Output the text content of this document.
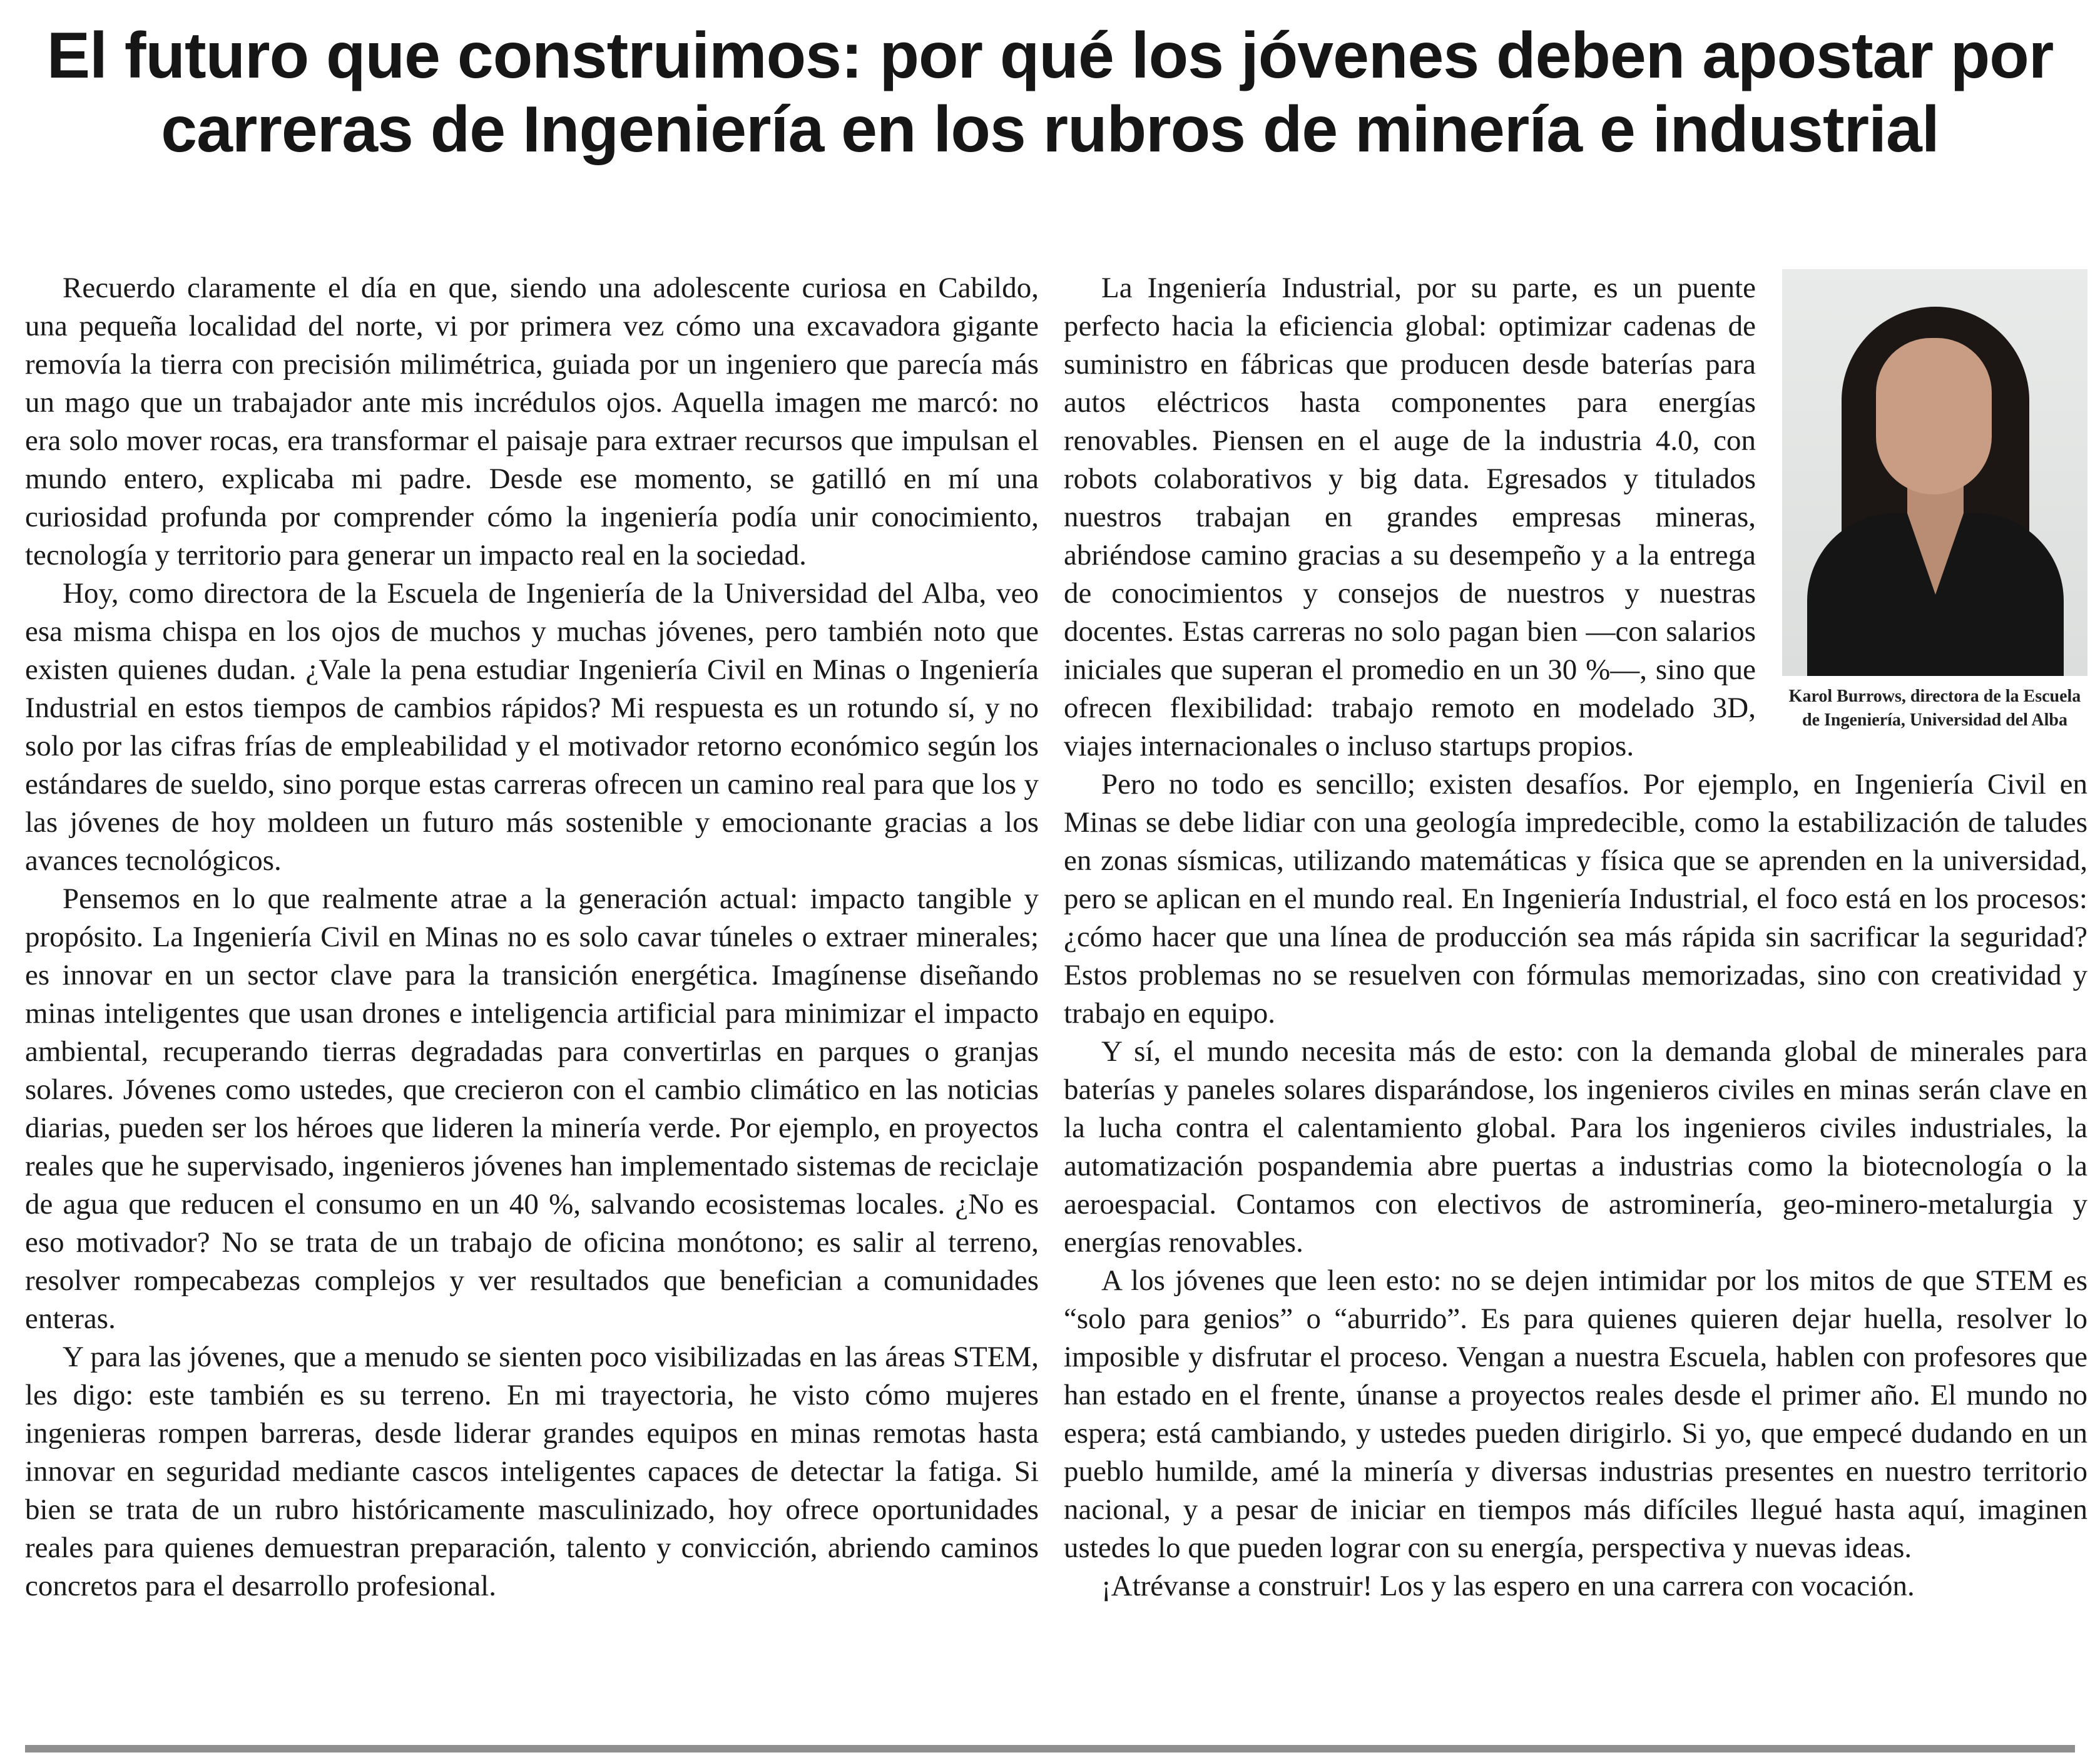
El futuro que construimos: por qué los jóvenes deben apostar por carreras de Ingeniería en los rubros de minería e industrial

Recuerdo claramente el día en que, siendo una adolescente curiosa en Cabildo, una pequeña localidad del norte, vi por primera vez cómo una excavadora gigante removía la tierra con precisión milimétrica, guiada por un ingeniero que parecía más un mago que un trabajador ante mis incrédulos ojos. Aquella imagen me marcó: no era solo mover rocas, era transformar el paisaje para extraer recursos que impulsan el mundo entero, explicaba mi padre. Desde ese momento, se gatilló en mí una curiosidad profunda por comprender cómo la ingeniería podía unir conocimiento, tecnología y territorio para generar un impacto real en la sociedad.

Hoy, como directora de la Escuela de Ingeniería de la Universidad del Alba, veo esa misma chispa en los ojos de muchos y muchas jóvenes, pero también noto que existen quienes dudan. ¿Vale la pena estudiar Ingeniería Civil en Minas o Ingeniería Industrial en estos tiempos de cambios rápidos? Mi respuesta es un rotundo sí, y no solo por las cifras frías de empleabilidad y el motivador retorno económico según los estándares de sueldo, sino porque estas carreras ofrecen un camino real para que los y las jóvenes de hoy moldeen un futuro más sostenible y emocionante gracias a los avances tecnológicos.

Pensemos en lo que realmente atrae a la generación actual: impacto tangible y propósito. La Ingeniería Civil en Minas no es solo cavar túneles o extraer minerales; es innovar en un sector clave para la transición energética. Imagínense diseñando minas inteligentes que usan drones e inteligencia artificial para minimizar el impacto ambiental, recuperando tierras degradadas para convertirlas en parques o granjas solares. Jóvenes como ustedes, que crecieron con el cambio climático en las noticias diarias, pueden ser los héroes que lideren la minería verde. Por ejemplo, en proyectos reales que he supervisado, ingenieros jóvenes han implementado sistemas de reciclaje de agua que reducen el consumo en un 40 %, salvando ecosistemas locales. ¿No es eso motivador? No se trata de un trabajo de oficina monótono; es salir al terreno, resolver rompecabezas complejos y ver resultados que benefician a comunidades enteras.

Y para las jóvenes, que a menudo se sienten poco visibilizadas en las áreas STEM, les digo: este también es su terreno. En mi trayectoria, he visto cómo mujeres ingenieras rompen barreras, desde liderar grandes equipos en minas remotas hasta innovar en seguridad mediante cascos inteligentes capaces de detectar la fatiga. Si bien se trata de un rubro históricamente masculinizado, hoy ofrece oportunidades reales para quienes demuestran preparación, talento y convicción, abriendo caminos concretos para el desarrollo profesional.

Karol Burrows, directora de la Escuela de Ingeniería, Universidad del Alba

La Ingeniería Industrial, por su parte, es un puente perfecto hacia la eficiencia global: optimizar cadenas de suministro en fábricas que producen desde baterías para autos eléctricos hasta componentes para energías renovables. Piensen en el auge de la industria 4.0, con robots colaborativos y big data. Egresados y titulados nuestros trabajan en grandes empresas mineras, abriéndose camino gracias a su desempeño y a la entrega de conocimientos y consejos de nuestros y nuestras docentes. Estas carreras no solo pagan bien —con salarios iniciales que superan el promedio en un 30 %—, sino que ofrecen flexibilidad: trabajo remoto en modelado 3D, viajes internacionales o incluso startups propios.

Pero no todo es sencillo; existen desafíos. Por ejemplo, en Ingeniería Civil en Minas se debe lidiar con una geología impredecible, como la estabilización de taludes en zonas sísmicas, utilizando matemáticas y física que se aprenden en la universidad, pero se aplican en el mundo real. En Ingeniería Industrial, el foco está en los procesos: ¿cómo hacer que una línea de producción sea más rápida sin sacrificar la seguridad? Estos problemas no se resuelven con fórmulas memorizadas, sino con creatividad y trabajo en equipo.

Y sí, el mundo necesita más de esto: con la demanda global de minerales para baterías y paneles solares disparándose, los ingenieros civiles en minas serán clave en la lucha contra el calentamiento global. Para los ingenieros civiles industriales, la automatización pospandemia abre puertas a industrias como la biotecnología o la aeroespacial. Contamos con electivos de astrominería, geo-minero-metalurgia y energías renovables.

A los jóvenes que leen esto: no se dejen intimidar por los mitos de que STEM es “solo para genios” o “aburrido”. Es para quienes quieren dejar huella, resolver lo imposible y disfrutar el proceso. Vengan a nuestra Escuela, hablen con profesores que han estado en el frente, únanse a proyectos reales desde el primer año. El mundo no espera; está cambiando, y ustedes pueden dirigirlo. Si yo, que empecé dudando en un pueblo humilde, amé la minería y diversas industrias presentes en nuestro territorio nacional, y a pesar de iniciar en tiempos más difíciles llegué hasta aquí, imaginen ustedes lo que pueden lograr con su energía, perspectiva y nuevas ideas.

¡Atrévanse a construir! Los y las espero en una carrera con vocación.
